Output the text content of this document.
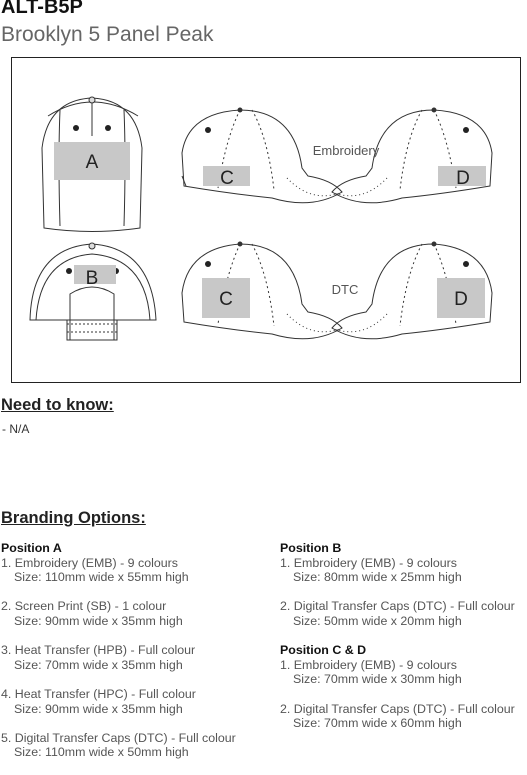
ALT-B5P
Brooklyn 5 Panel Peak
A
B
C	D
C	D
Embroidery
DTC
Need to know:
- N/A
Branding Options:
Position A
1. Embroidery (EMB) - 9 colours
Size: 110mm wide x 55mm high
2. Screen Print (SB) - 1 colour
Size: 90mm wide x 35mm high
3. Heat Transfer (HPB) - Full colour
Size: 70mm wide x 35mm high
4. Heat Transfer (HPC) - Full colour
Size: 90mm wide x 35mm high
5. Digital Transfer Caps (DTC) - Full colour
Size: 110mm wide x 50mm high
Position B
1. Embroidery (EMB) - 9 colours
Size: 80mm wide x 25mm high
2. Digital Transfer Caps (DTC) - Full colour
Size: 50mm wide x 20mm high
Position C & D
1. Embroidery (EMB) - 9 colours
Size: 70mm wide x 30mm high
2. Digital Transfer Caps (DTC) - Full colour
Size: 70mm wide x 60mm high
